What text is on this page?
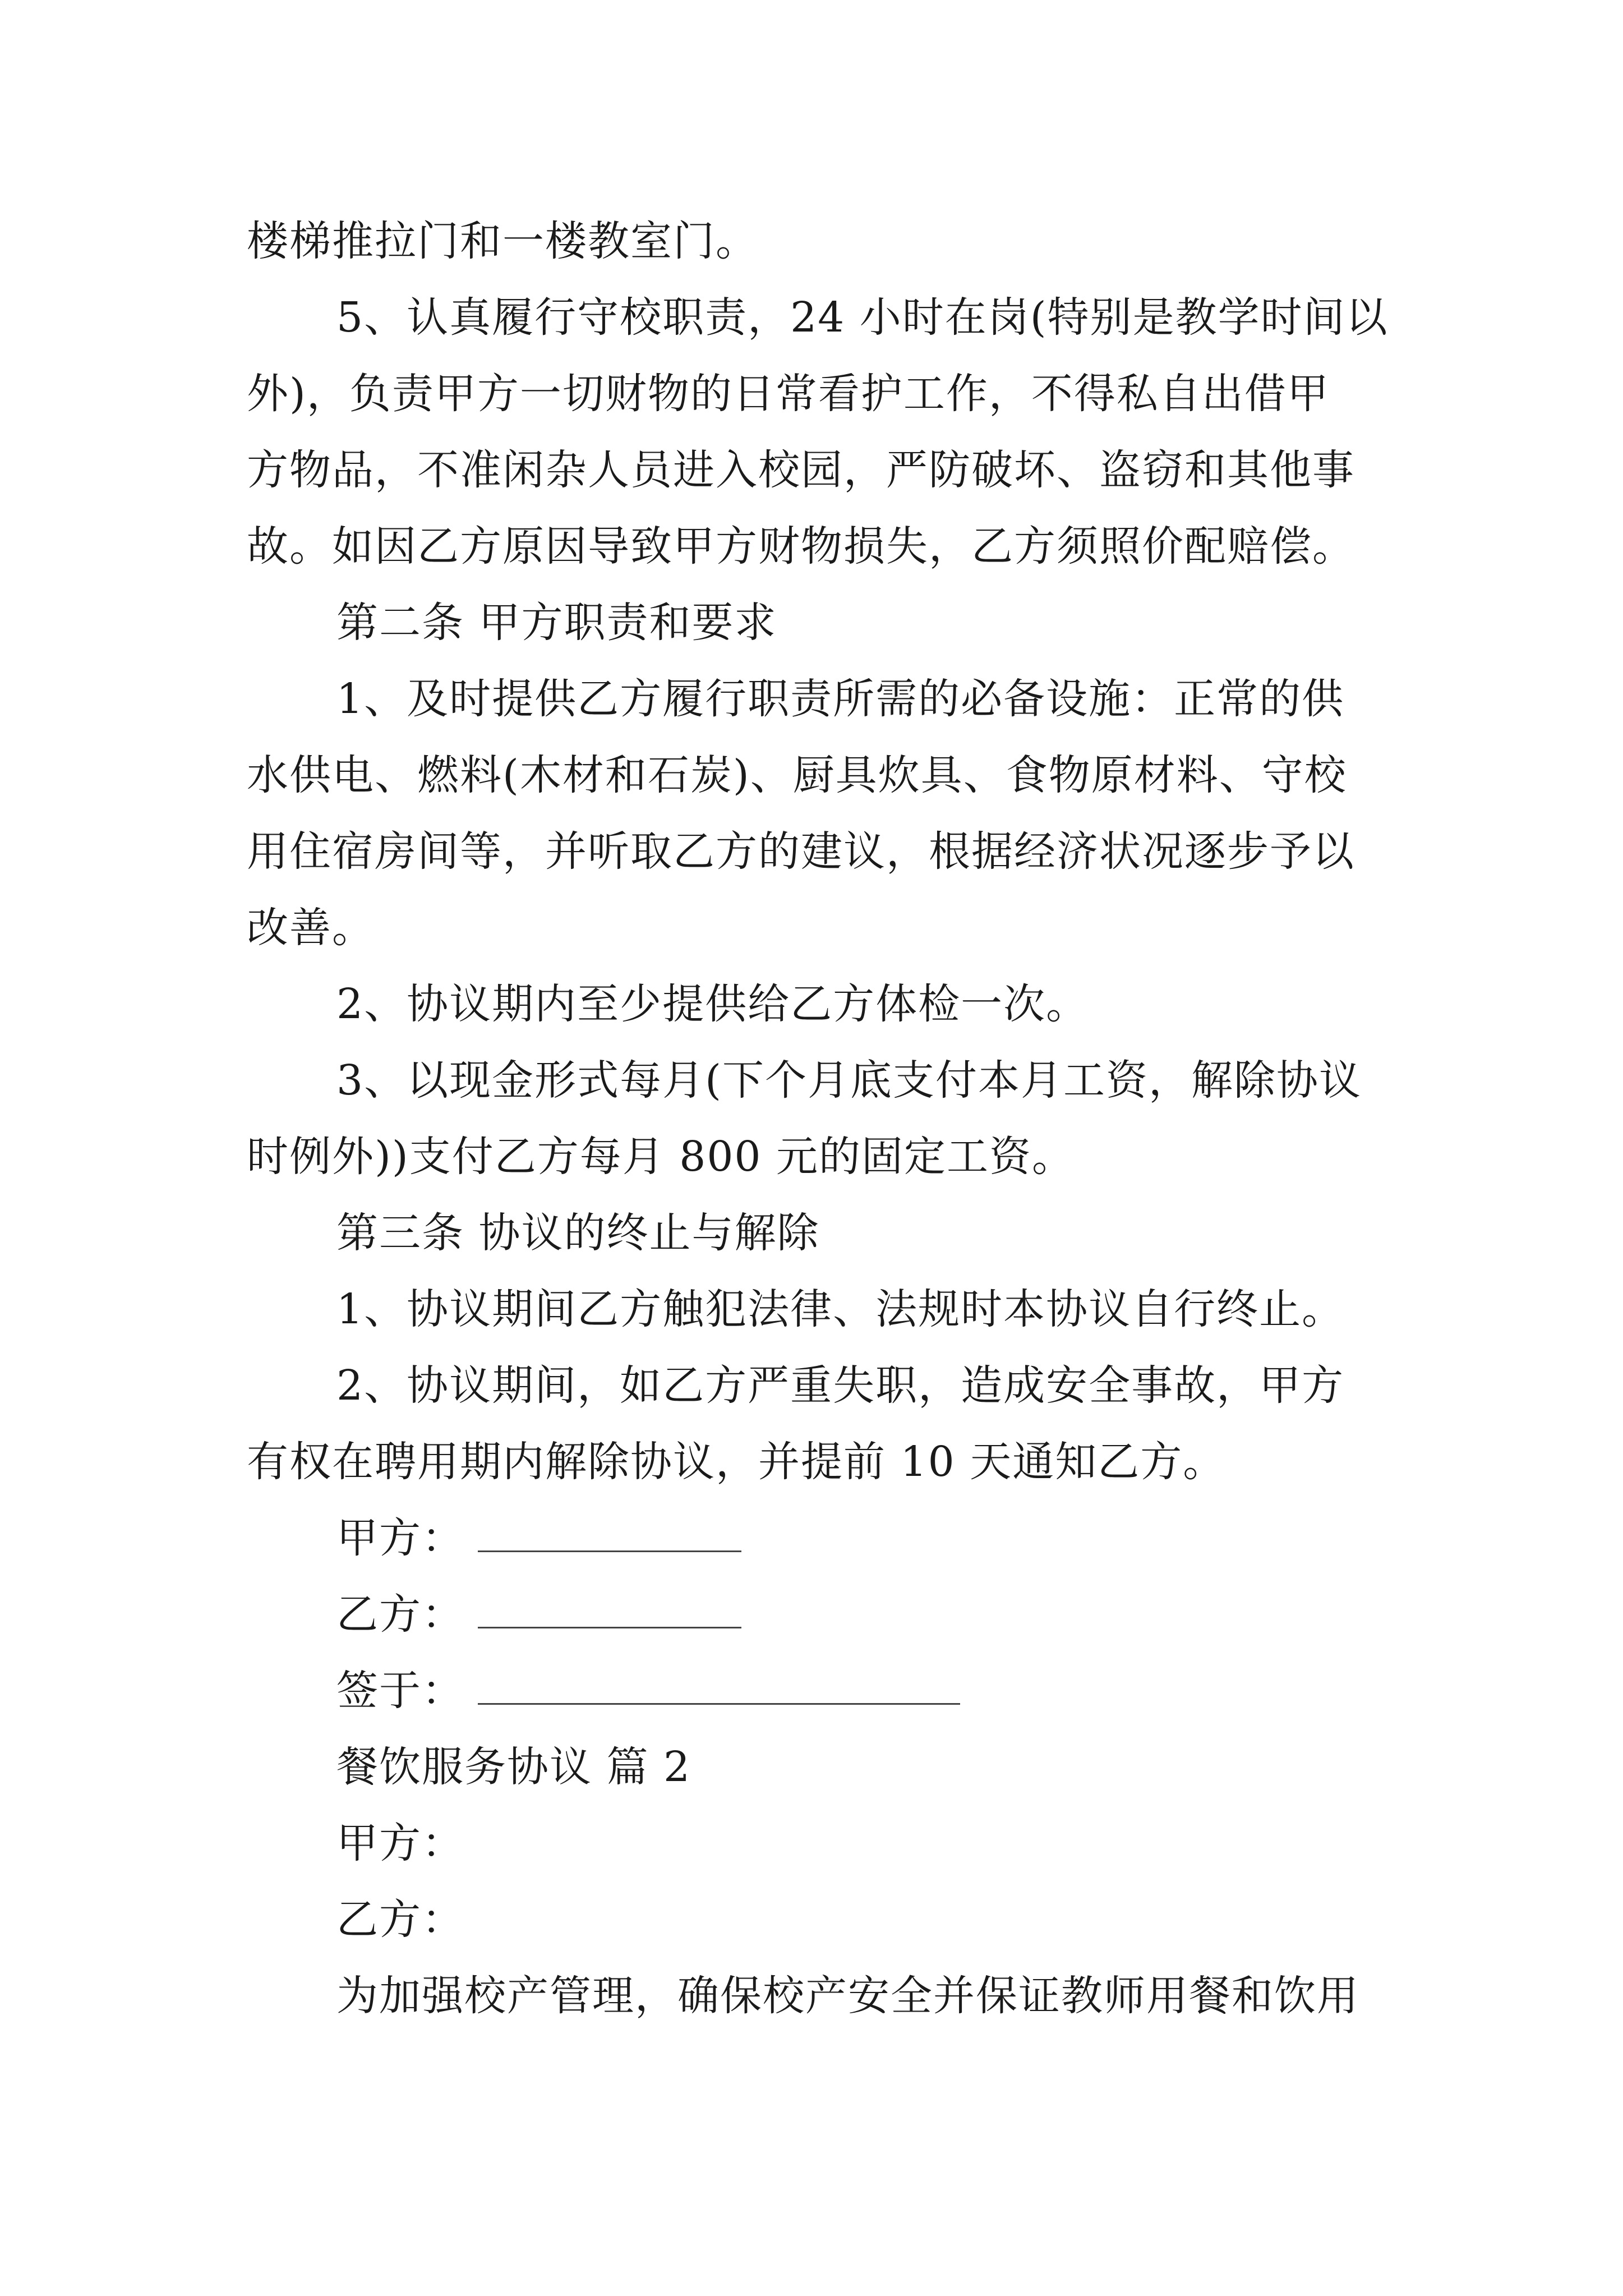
楼梯推拉门和一楼教室门。
5、认真履行守校职责，24 小时在岗(特别是教学时间以
外)，负责甲方一切财物的日常看护工作，不得私自出借甲
方物品，不准闲杂人员进入校园，严防破坏、盗窃和其他事
故。如因乙方原因导致甲方财物损失，乙方须照价配赔偿。
第二条 甲方职责和要求
1、及时提供乙方履行职责所需的必备设施：正常的供
水供电、燃料(木材和石炭)、厨具炊具、食物原材料、守校
用住宿房间等，并听取乙方的建议，根据经济状况逐步予以
改善。
2、协议期内至少提供给乙方体检一次。
3、以现金形式每月(下个月底支付本月工资，解除协议
时例外))支付乙方每月 800 元的固定工资。
第三条 协议的终止与解除
1、协议期间乙方触犯法律、法规时本协议自行终止。
2、协议期间，如乙方严重失职，造成安全事故，甲方
有权在聘用期内解除协议，并提前 10 天通知乙方。
甲方：
乙方：
签于：
餐饮服务协议 篇 2
甲方：
乙方：
为加强校产管理，确保校产安全并保证教师用餐和饮用
